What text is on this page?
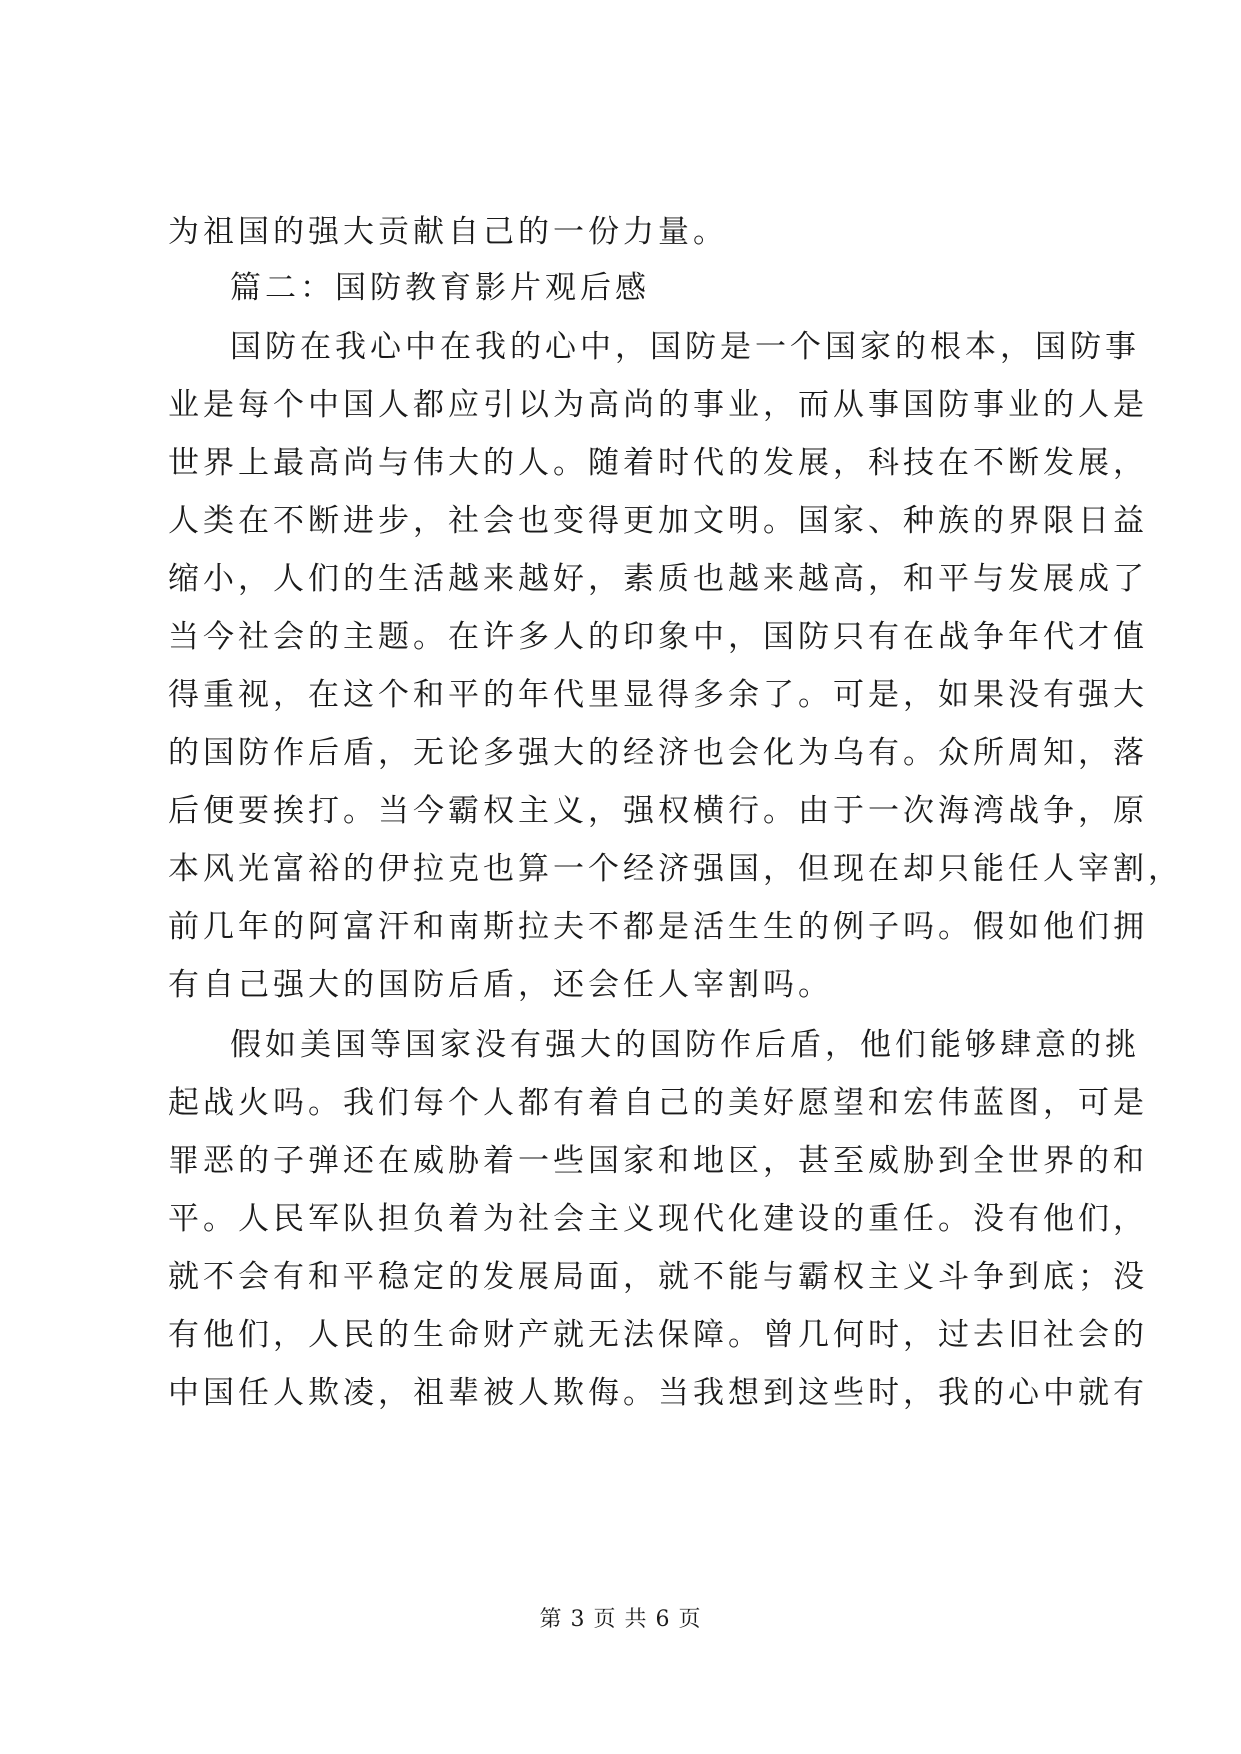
为祖国的强大贡献自己的一份力量。
篇二：国防教育影片观后感
国防在我心中在我的心中，国防是一个国家的根本，国防事
业是每个中国人都应引以为高尚的事业，而从事国防事业的人是
世界上最高尚与伟大的人。随着时代的发展，科技在不断发展，
人类在不断进步，社会也变得更加文明。国家、种族的界限日益
缩小，人们的生活越来越好，素质也越来越高，和平与发展成了
当今社会的主题。在许多人的印象中，国防只有在战争年代才值
得重视，在这个和平的年代里显得多余了。可是，如果没有强大
的国防作后盾，无论多强大的经济也会化为乌有。众所周知，落
后便要挨打。当今霸权主义，强权横行。由于一次海湾战争，原
本风光富裕的伊拉克也算一个经济强国，但现在却只能任人宰割，
前几年的阿富汗和南斯拉夫不都是活生生的例子吗。假如他们拥
有自己强大的国防后盾，还会任人宰割吗。
假如美国等国家没有强大的国防作后盾，他们能够肆意的挑
起战火吗。我们每个人都有着自己的美好愿望和宏伟蓝图，可是
罪恶的子弹还在威胁着一些国家和地区，甚至威胁到全世界的和
平。人民军队担负着为社会主义现代化建设的重任。没有他们，
就不会有和平稳定的发展局面，就不能与霸权主义斗争到底；没
有他们，人民的生命财产就无法保障。曾几何时，过去旧社会的
中国任人欺凌，祖辈被人欺侮。当我想到这些时，我的心中就有
第 3 页 共 6 页
